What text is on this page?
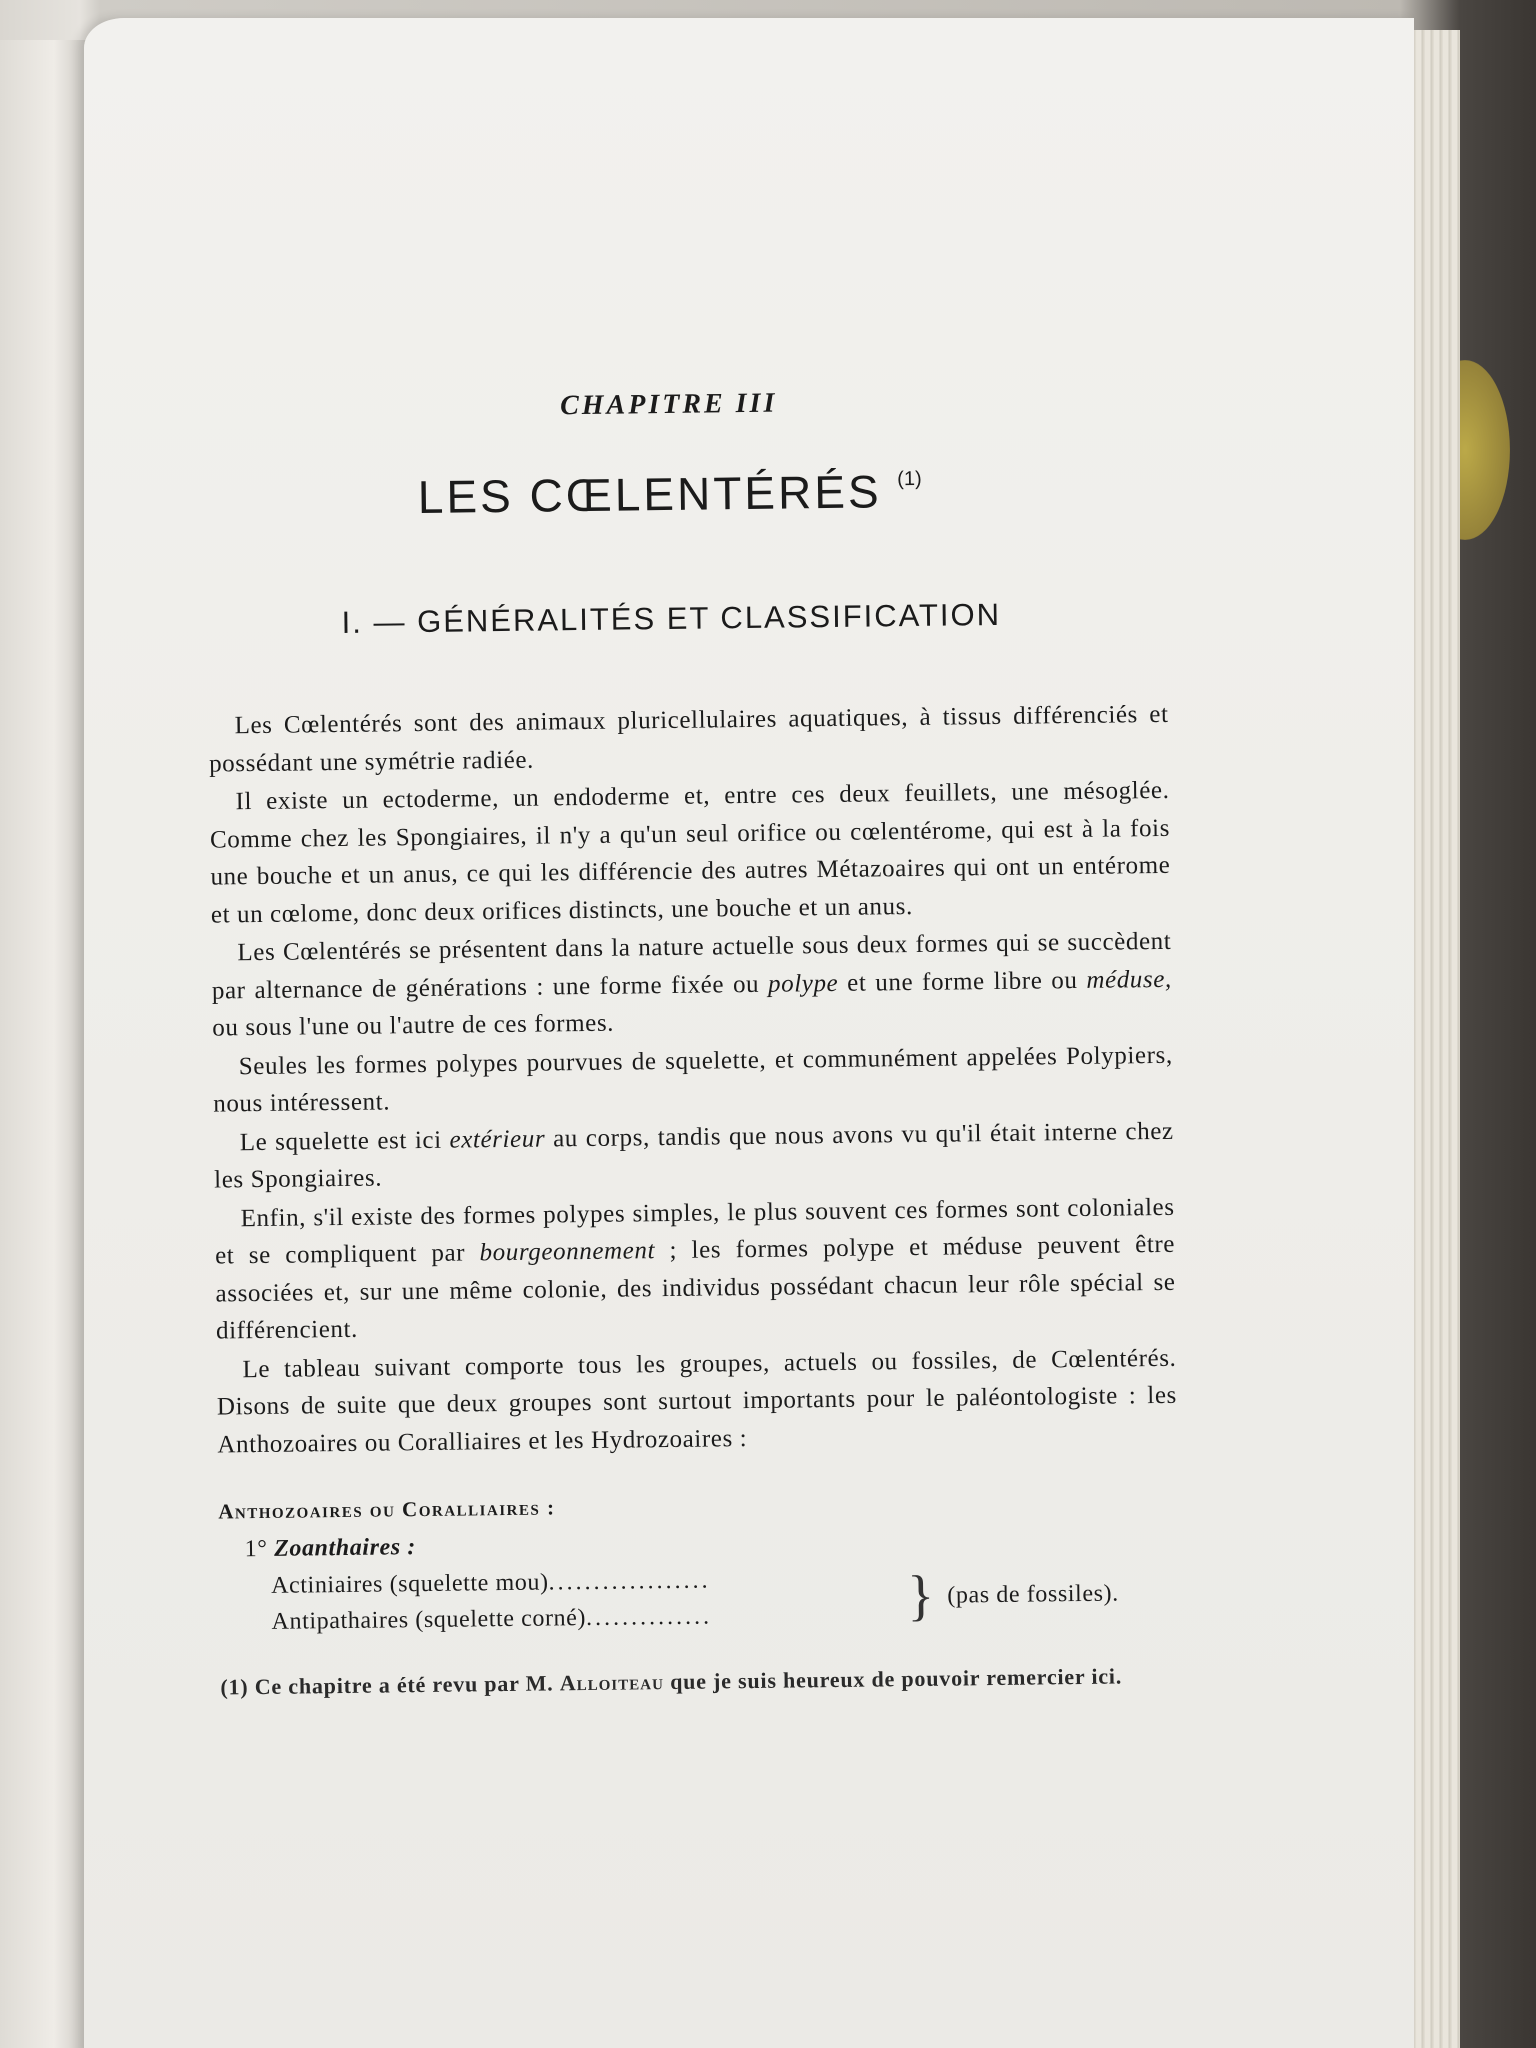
CHAPITRE III
LES CŒLENTÉRÉS $^{(1)}$
I. — GÉNÉRALITÉS ET CLASSIFICATION

Les Cœlentérés sont des animaux pluricellulaires aquatiques, à tissus différenciés et possédant une symétrie radiée.

Il existe un ectoderme, un endoderme et, entre ces deux feuillets, une mésoglée. Comme chez les Spongiaires, il n'y a qu'un seul orifice ou cœlentérome, qui est à la fois une bouche et un anus, ce qui les différencie des autres Métazoaires qui ont un entérome et un cœlome, donc deux orifices distincts, une bouche et un anus.

Les Cœlentérés se présentent dans la nature actuelle sous deux formes qui se succèdent par alternance de générations : une forme fixée ou polype et une forme libre ou méduse, ou sous l'une ou l'autre de ces formes.

Seules les formes polypes pourvues de squelette, et communément appelées Polypiers, nous intéressent.

Le squelette est ici extérieur au corps, tandis que nous avons vu qu'il était interne chez les Spongiaires.

Enfin, s'il existe des formes polypes simples, le plus souvent ces formes sont coloniales et se compliquent par bourgeonnement ; les formes polype et méduse peuvent être associées et, sur une même colonie, des individus possédant chacun leur rôle spécial se différencient.

Le tableau suivant comporte tous les groupes, actuels ou fossiles, de Cœlentérés. Disons de suite que deux groupes sont surtout importants pour le paléontologiste : les Anthozoaires ou Coralliaires et les Hydrozoaires :

Anthozoaires ou Coralliaires :
1° Zoanthaires :
Actiniaires (squelette mou) ..................
Antipathaires (squelette corné) ..............	} (pas de fossiles).
(1) Ce chapitre a été revu par M. Alloiteau que je suis heureux de pouvoir remercier ici.
